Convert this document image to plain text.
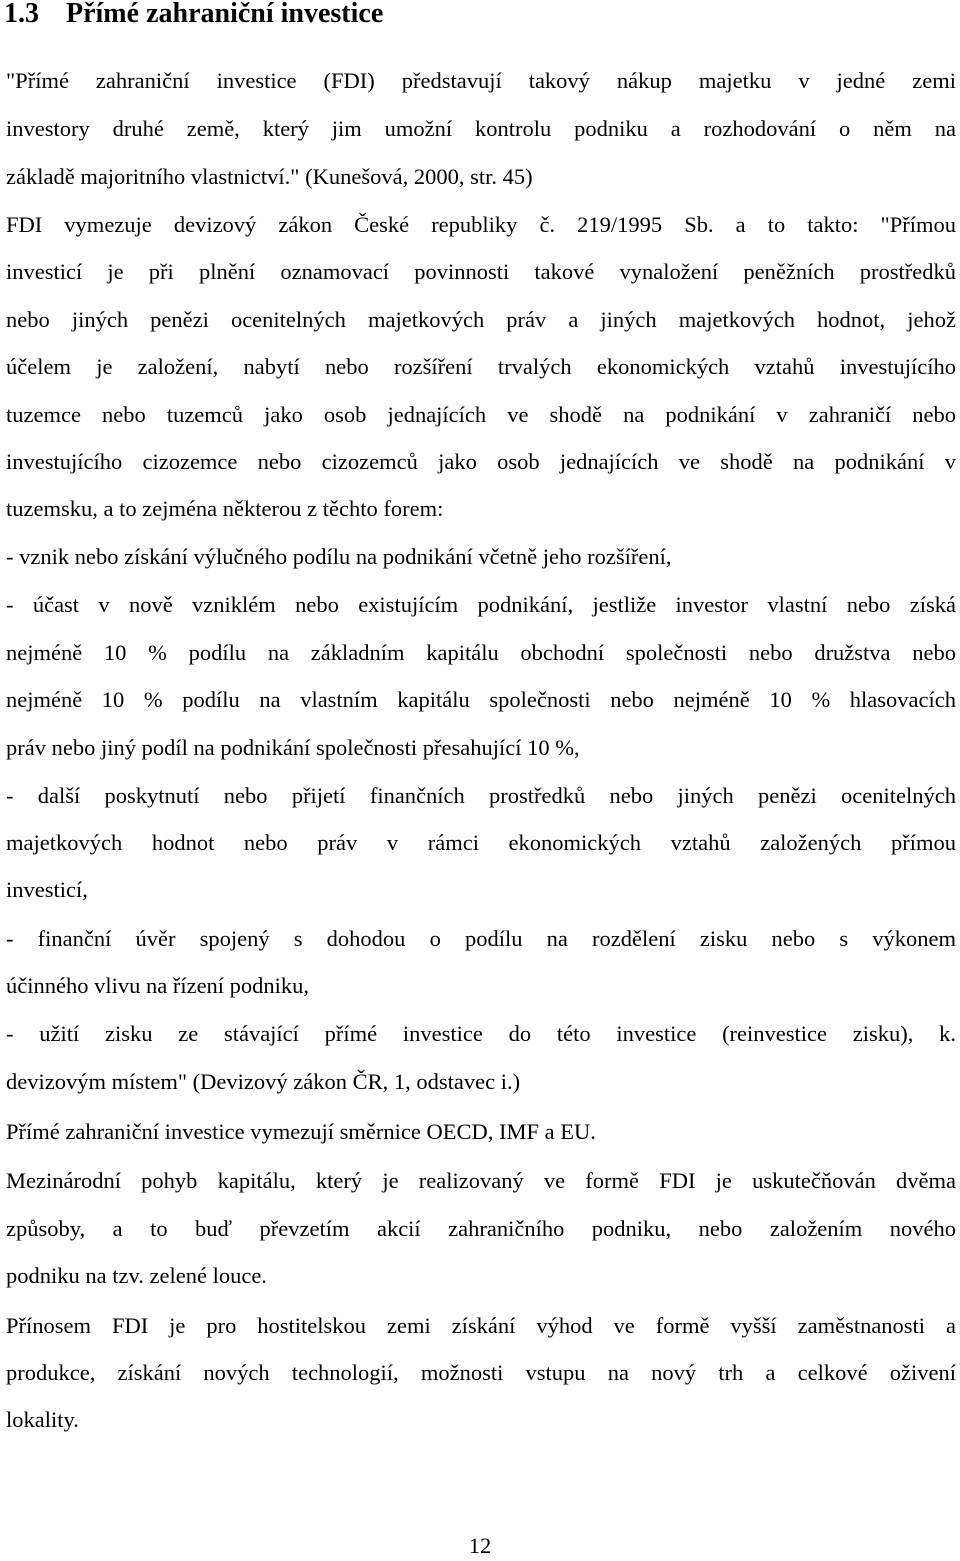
1.3 Přímé zahraniční investice
"Přímé zahraniční investice (FDI) představují takový nákup majetku v jedné zemi
investory druhé země, který jim umožní kontrolu podniku a rozhodování o něm na
základě majoritního vlastnictví." (Kunešová, 2000, str. 45)
FDI vymezuje devizový zákon České republiky č. 219/1995 Sb. a to takto: "Přímou
investicí je při plnění oznamovací povinnosti takové vynaložení peněžních prostředků
nebo jiných penězi ocenitelných majetkových práv a jiných majetkových hodnot, jehož
účelem je založení, nabytí nebo rozšíření trvalých ekonomických vztahů investujícího
tuzemce nebo tuzemců jako osob jednajících ve shodě na podnikání v zahraničí nebo
investujícího cizozemce nebo cizozemců jako osob jednajících ve shodě na podnikání v
tuzemsku, a to zejména některou z těchto forem:
- vznik nebo získání výlučného podílu na podnikání včetně jeho rozšíření,
- účast v nově vzniklém nebo existujícím podnikání, jestliže investor vlastní nebo získá
nejméně 10 % podílu na základním kapitálu obchodní společnosti nebo družstva nebo
nejméně 10 % podílu na vlastním kapitálu společnosti nebo nejméně 10 % hlasovacích
práv nebo jiný podíl na podnikání společnosti přesahující 10 %,
- další poskytnutí nebo přijetí finančních prostředků nebo jiných penězi ocenitelných
majetkových hodnot nebo práv v rámci ekonomických vztahů založených přímou
investicí,
- finanční úvěr spojený s dohodou o podílu na rozdělení zisku nebo s výkonem
účinného vlivu na řízení podniku,
- užití zisku ze stávající přímé investice do této investice (reinvestice zisku), k.
devizovým místem" (Devizový zákon ČR, 1, odstavec i.)
Přímé zahraniční investice vymezují směrnice OECD, IMF a EU.
Mezinárodní pohyb kapitálu, který je realizovaný ve formě FDI je uskutečňován dvěma
způsoby, a to buď převzetím akcií zahraničního podniku, nebo založením nového
podniku na tzv. zelené louce.
Přínosem FDI je pro hostitelskou zemi získání výhod ve formě vyšší zaměstnanosti a
produkce, získání nových technologií, možnosti vstupu na nový trh a celkové oživení
lokality.
12
